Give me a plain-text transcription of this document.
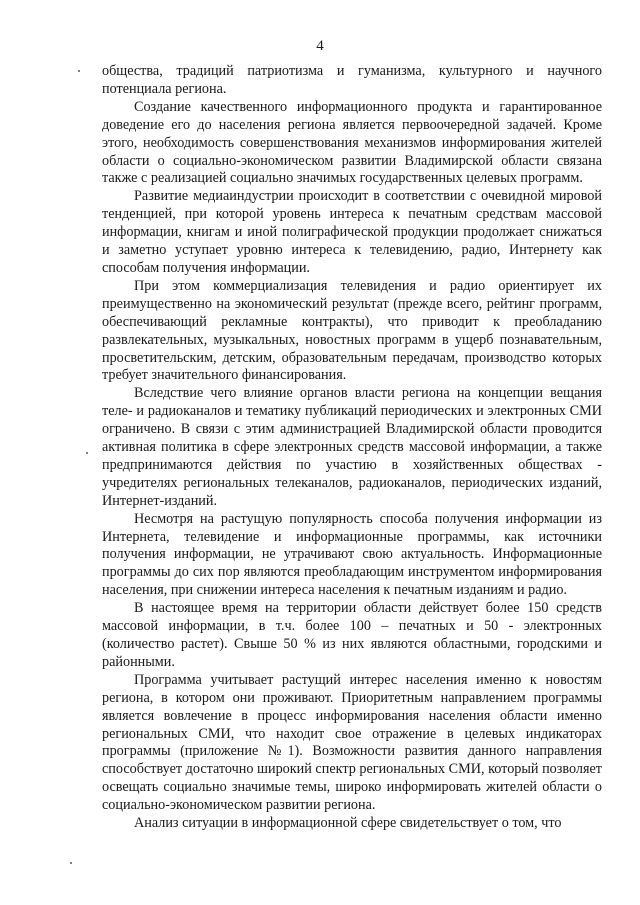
4

общества, традиций патриотизма и гуманизма, культурного и научного потенциала региона.

Создание качественного информационного продукта и гарантированное доведение его до населения региона является первоочередной задачей. Кроме этого, необходимость совершенствования механизмов информирования жителей области о социально-экономическом развитии Владимирской области связана также с реализацией социально значимых государственных целевых программ.

Развитие медиаиндустрии происходит в соответствии с очевидной мировой тенденцией, при которой уровень интереса к печатным средствам массовой информации, книгам и иной полиграфической продукции продолжает снижаться и заметно уступает уровню интереса к телевидению, радио, Интернету как способам получения информации.

При этом коммерциализация телевидения и радио ориентирует их преимущественно на экономический результат (прежде всего, рейтинг программ, обеспечивающий рекламные контракты), что приводит к преобладанию развлекательных, музыкальных, новостных программ в ущерб познавательным, просветительским, детским, образовательным передачам, производство которых требует значительного финансирования.

Вследствие чего влияние органов власти региона на концепции вещания теле- и радиоканалов и тематику публикаций периодических и электронных СМИ ограничено. В связи с этим администрацией Владимирской области проводится активная политика в сфере электронных средств массовой информации, а также предпринимаются действия по участию в хозяйственных обществах - учредителях региональных телеканалов, радиоканалов, периодических изданий, Интернет-изданий.

Несмотря на растущую популярность способа получения информации из Интернета, телевидение и информационные программы, как источники получения информации, не утрачивают свою актуальность. Информационные программы до сих пор являются преобладающим инструментом информирования населения, при снижении интереса населения к печатным изданиям и радио.

В настоящее время на территории области действует более 150 средств массовой информации, в т.ч. более 100 – печатных и 50 - электронных (количество растет). Свыше 50 % из них являются областными, городскими и районными.

Программа учитывает растущий интерес населения именно к новостям региона, в котором они проживают. Приоритетным направлением программы является вовлечение в процесс информирования населения области именно региональных СМИ, что находит свое отражение в целевых индикаторах программы (приложение №1). Возможности развития данного направления способствует достаточно широкий спектр региональных СМИ, который позволяет освещать социально значимые темы, широко информировать жителей области о социально-экономическом развитии региона.

Анализ ситуации в информационной сфере свидетельствует о том, что
